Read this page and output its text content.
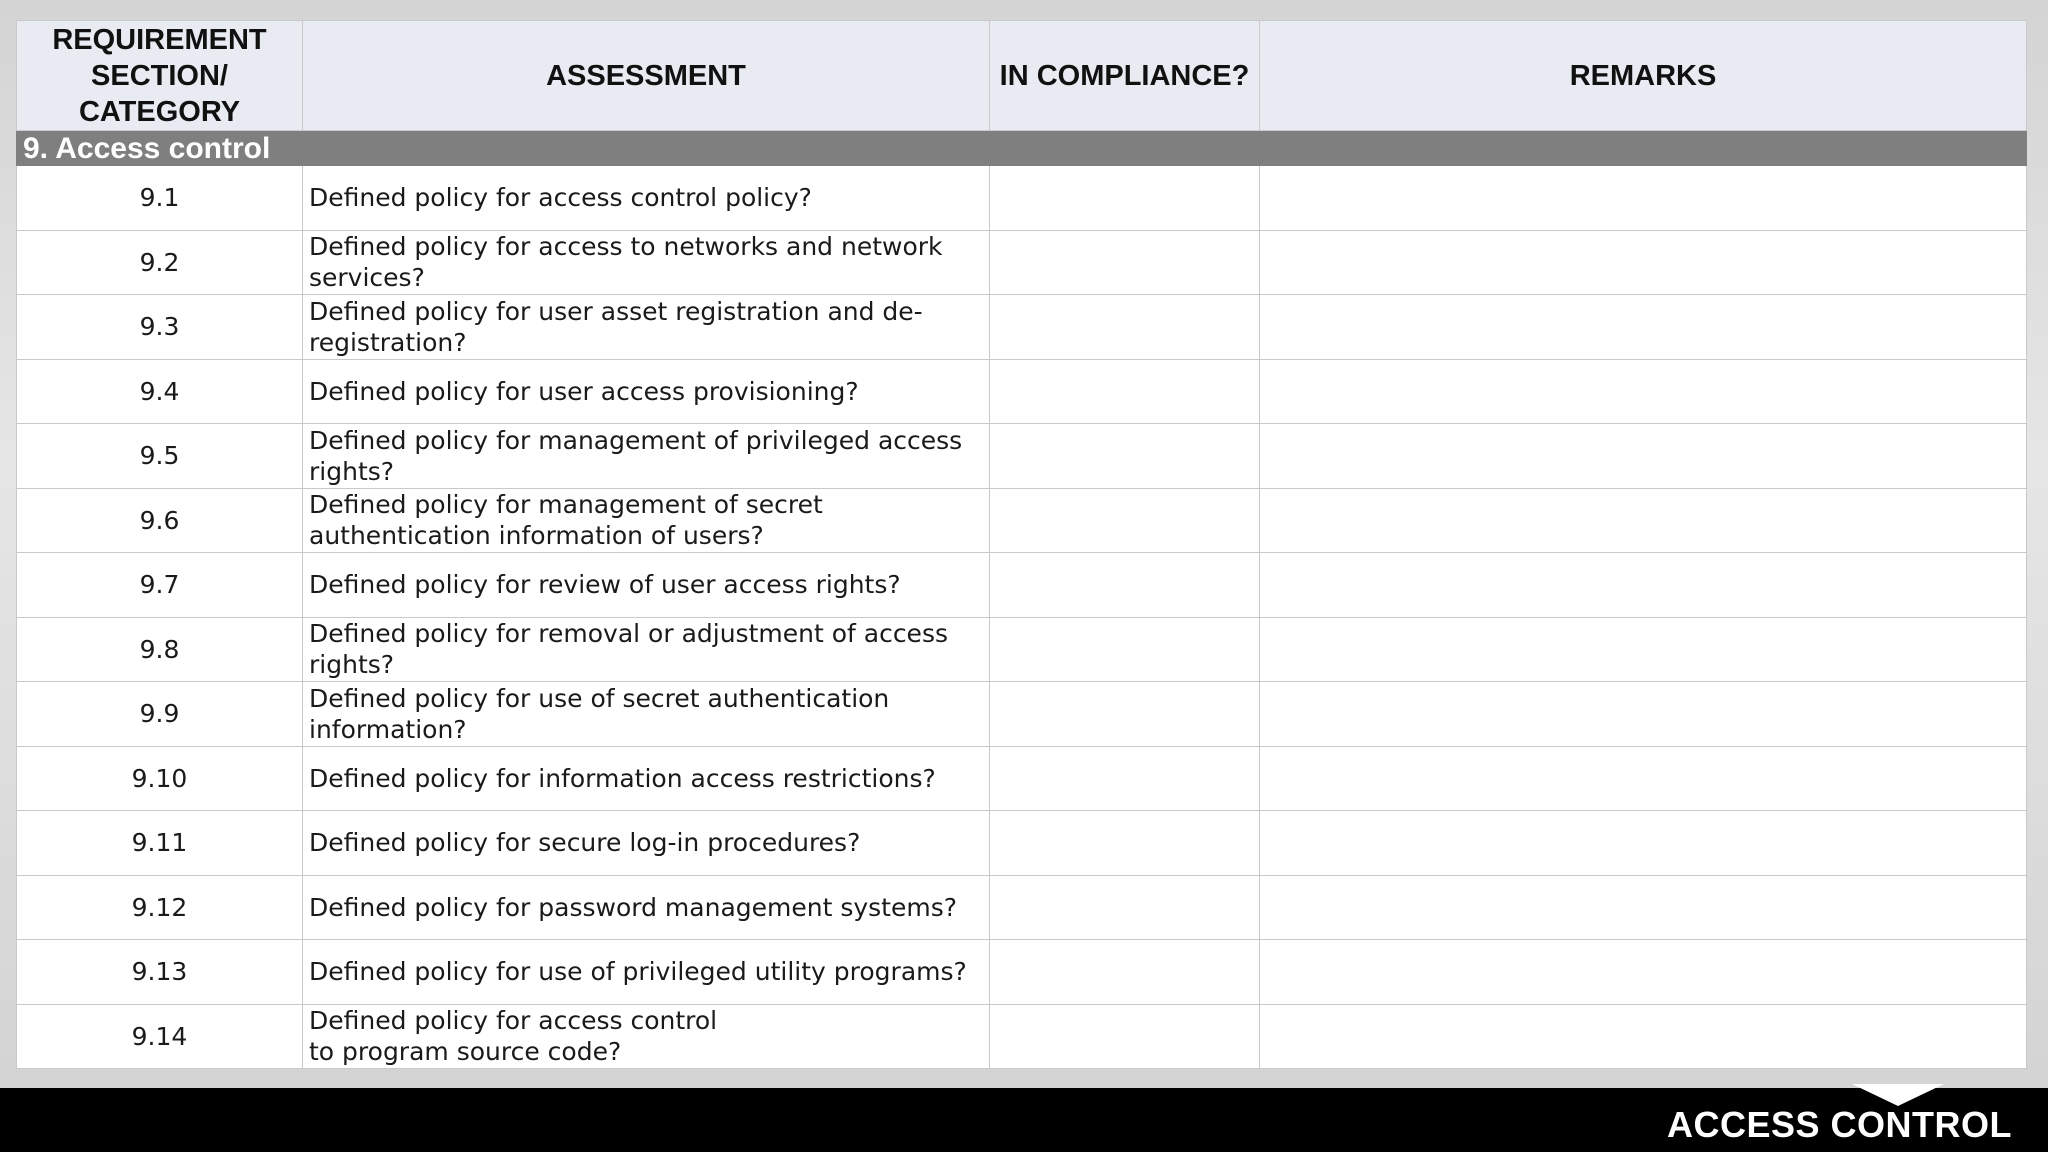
REQUIREMENT
SECTION/
CATEGORY	ASSESSMENT	IN COMPLIANCE?	REMARKS
9. Access control			
9.1	Defined policy for access control policy?		
9.2	Defined policy for access to networks and network services?		
9.3	Defined policy for user asset registration and de-registration?		
9.4	Defined policy for user access provisioning?		
9.5	Defined policy for management of privileged access rights?		
9.6	Defined policy for management of secret authentication information of users?		
9.7	Defined policy for review of user access rights?		
9.8	Defined policy for removal or adjustment of access rights?		
9.9	Defined policy for use of secret authentication information?		
9.10	Defined policy for information access restrictions?		
9.11	Defined policy for secure log-in procedures?		
9.12	Defined policy for password management systems?		
9.13	Defined policy for use of privileged utility programs?		
9.14	Defined policy for access control
to program source code?		
ACCESS CONTROL
